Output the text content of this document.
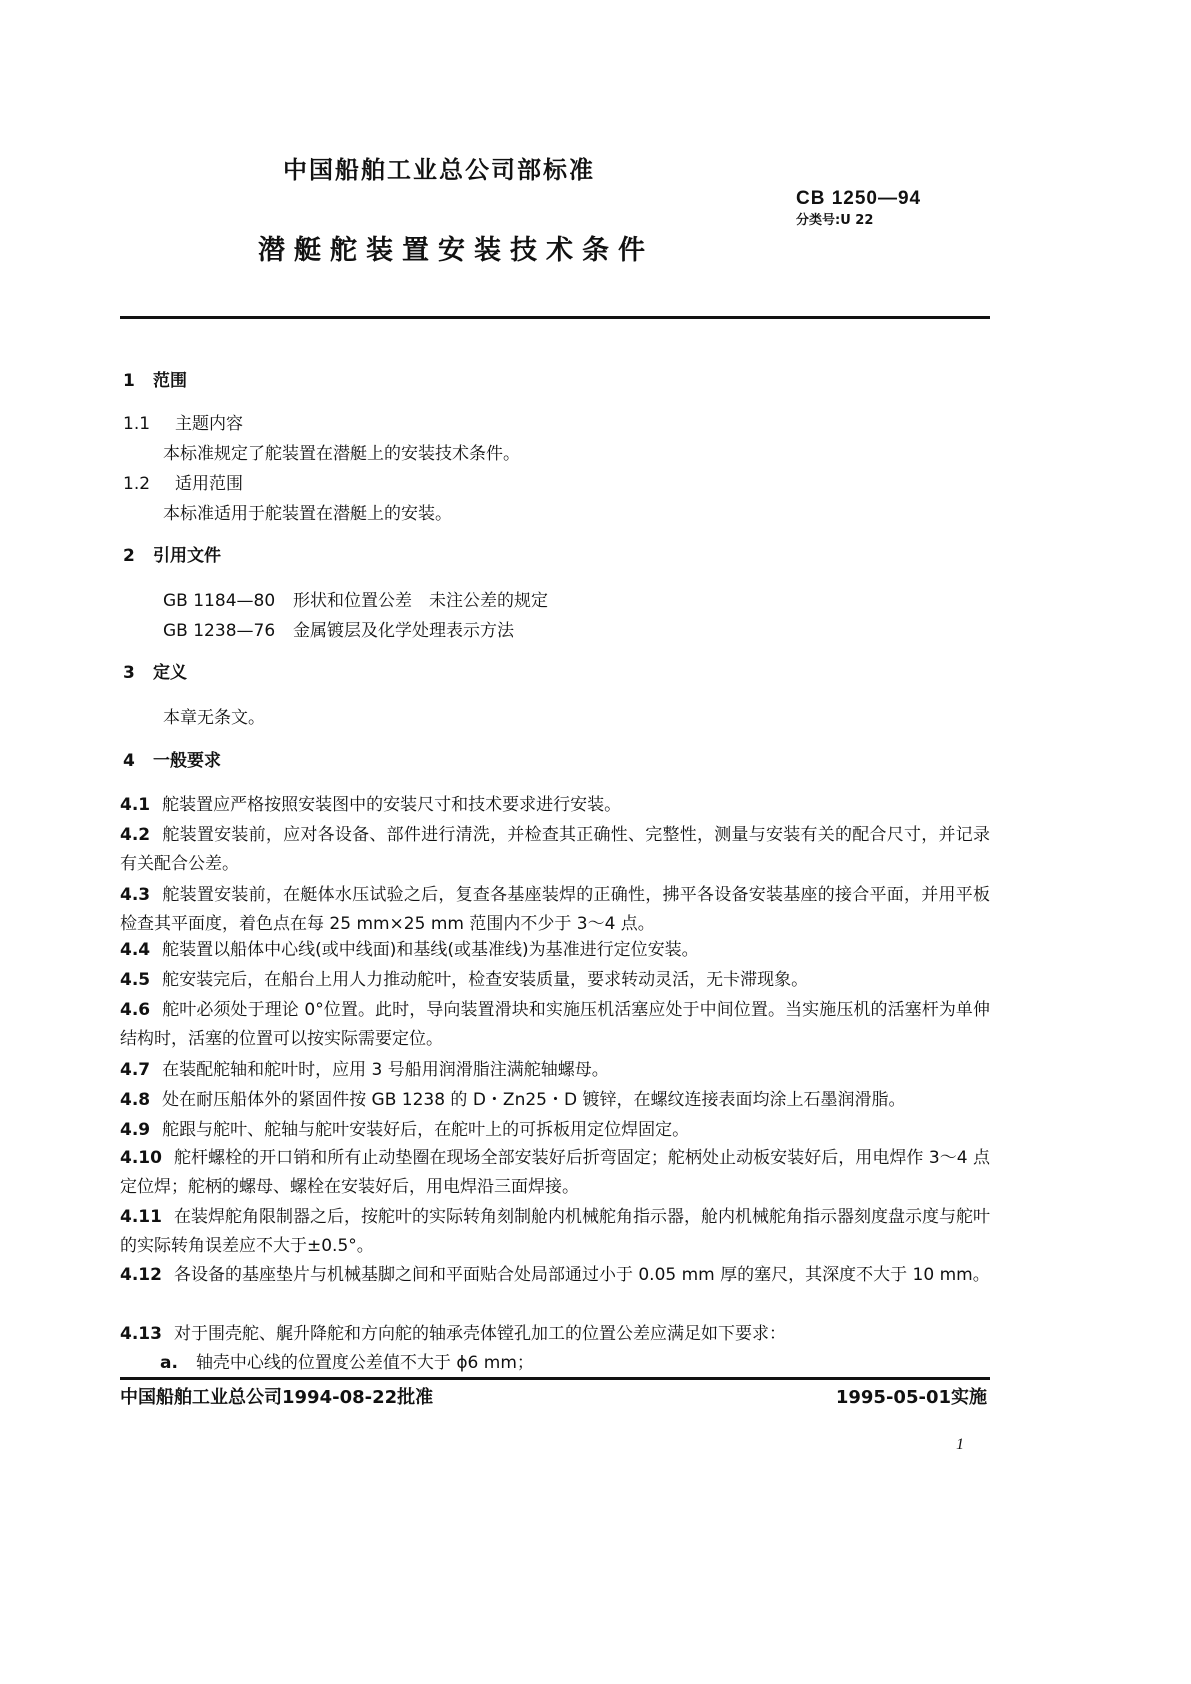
中国船舶工业总公司部标准
CB 1250—94
分类号:U 22
潜艇舵装置安装技术条件
1 范围
1.1 主题内容
本标准规定了舵装置在潜艇上的安装技术条件。
1.2 适用范围
本标准适用于舵装置在潜艇上的安装。
2 引用文件
GB 1184—80 形状和位置公差　未注公差的规定
GB 1238—76 金属镀层及化学处理表示方法
3 定义
本章无条文。
4 一般要求
4.1 舵装置应严格按照安装图中的安装尺寸和技术要求进行安装。
4.2 舵装置安装前，应对各设备、部件进行清洗，并检查其正确性、完整性，测量与安装有关的配合尺寸，并记录有关配合公差。
4.3 舵装置安装前，在艇体水压试验之后，复查各基座装焊的正确性，拂平各设备安装基座的接合平面，并用平板检查其平面度，着色点在每 25 mm×25 mm 范围内不少于 3～4 点。
4.4 舵装置以船体中心线(或中线面)和基线(或基准线)为基准进行定位安装。
4.5 舵安装完后，在船台上用人力推动舵叶，检查安装质量，要求转动灵活，无卡滞现象。
4.6 舵叶必须处于理论 0°位置。此时，导向装置滑块和实施压机活塞应处于中间位置。当实施压机的活塞杆为单伸结构时，活塞的位置可以按实际需要定位。
4.7 在装配舵轴和舵叶时，应用 3 号船用润滑脂注满舵轴螺母。
4.8 处在耐压船体外的紧固件按 GB 1238 的 D・Zn25・D 镀锌，在螺纹连接表面均涂上石墨润滑脂。
4.9 舵跟与舵叶、舵轴与舵叶安装好后，在舵叶上的可拆板用定位焊固定。
4.10 舵杆螺栓的开口销和所有止动垫圈在现场全部安装好后折弯固定；舵柄处止动板安装好后，用电焊作 3～4 点定位焊；舵柄的螺母、螺栓在安装好后，用电焊沿三面焊接。
4.11 在装焊舵角限制器之后，按舵叶的实际转角刻制舱内机械舵角指示器，舱内机械舵角指示器刻度盘示度与舵叶的实际转角误差应不大于±0.5°。
4.12 各设备的基座垫片与机械基脚之间和平面贴合处局部通过小于 0.05 mm 厚的塞尺，其深度不大于 10 mm。
4.13 对于围壳舵、艉升降舵和方向舵的轴承壳体镗孔加工的位置公差应满足如下要求：
a. 轴壳中心线的位置度公差值不大于 ϕ6 mm；
中国船舶工业总公司1994-08-22批准	1995-05-01实施
1
